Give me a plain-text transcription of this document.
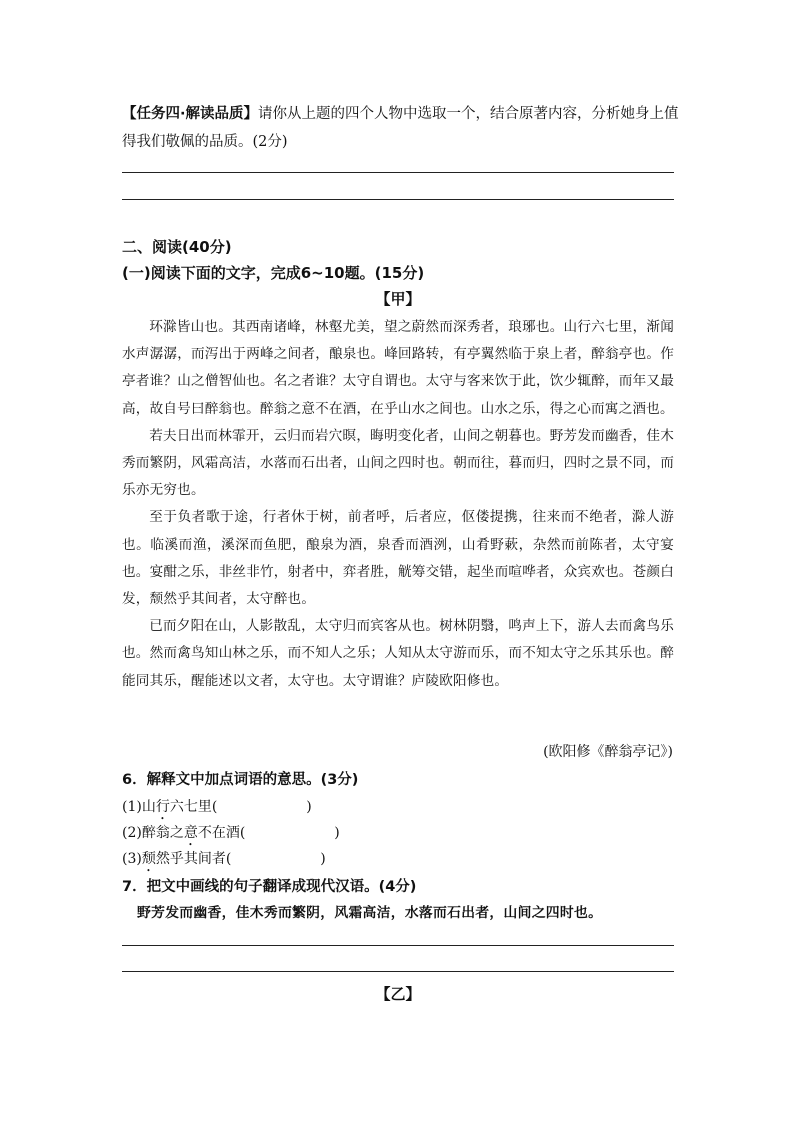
【任务四·解读品质】请你从上题的四个人物中选取一个，结合原著内容，分析她身上值得我们敬佩的品质。(2分)
二、阅读(40分)
(一)阅读下面的文字，完成6~10题。(15分)
【甲】

环滁皆山也。其西南诸峰，林壑尤美，望之蔚然而深秀者，琅琊也。山行六七里，渐闻水声潺潺，而泻出于两峰之间者，酿泉也。峰回路转，有亭翼然临于泉上者，醉翁亭也。作亭者谁？山之僧智仙也。名之者谁？太守自谓也。太守与客来饮于此，饮少辄醉，而年又最高，故自号曰醉翁也。醉翁之意不在酒，在乎山水之间也。山水之乐，得之心而寓之酒也。

若夫日出而林霏开，云归而岩穴暝，晦明变化者，山间之朝暮也。野芳发而幽香，佳木秀而繁阴，风霜高洁，水落而石出者，山间之四时也。朝而往，暮而归，四时之景不同，而乐亦无穷也。

至于负者歌于途，行者休于树，前者呼，后者应，伛偻提携，往来而不绝者，滁人游也。临溪而渔，溪深而鱼肥，酿泉为酒，泉香而酒洌，山肴野蔌，杂然而前陈者，太守宴也。宴酣之乐，非丝非竹，射者中，弈者胜，觥筹交错，起坐而喧哗者，众宾欢也。苍颜白发，颓然乎其间者，太守醉也。

已而夕阳在山，人影散乱，太守归而宾客从也。树林阴翳，鸣声上下，游人去而禽鸟乐也。然而禽鸟知山林之乐，而不知人之乐；人知从太守游而乐，而不知太守之乐其乐也。醉能同其乐，醒能述以文者，太守也。太守谓谁？庐陵欧阳修也。

(欧阳修《醉翁亭记》)
6．解释文中加点词语的意思。(3分)
(1)山行六七里(                    )
(2)醉翁之意不在酒(                    )
(3)颓然乎其间者(                    )
7．把文中画线的句子翻译成现代汉语。(4分)
野芳发而幽香，佳木秀而繁阴，风霜高洁，水落而石出者，山间之四时也。
【乙】
